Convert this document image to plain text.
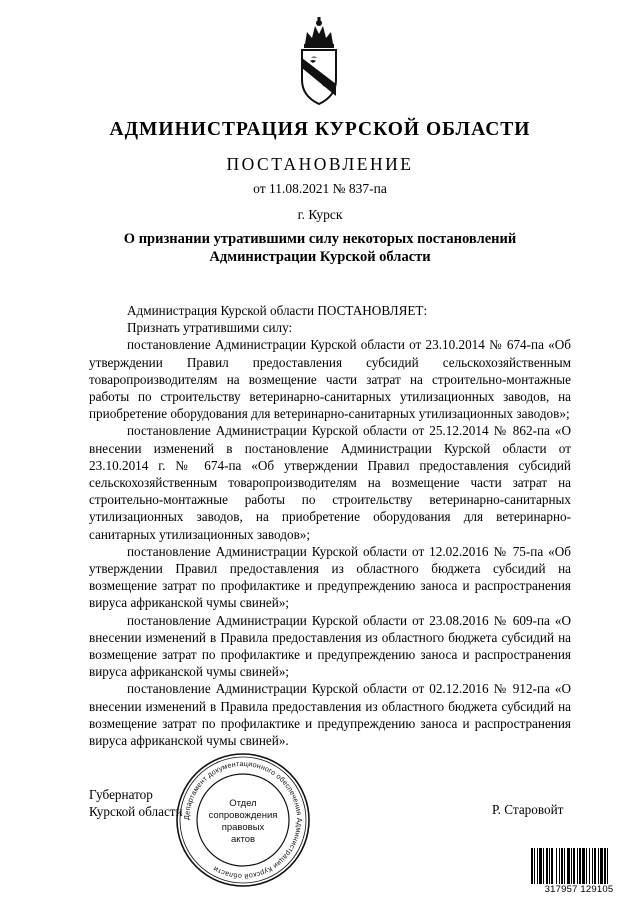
АДМИНИСТРАЦИЯ КУРСКОЙ ОБЛАСТИ
ПОСТАНОВЛЕНИЕ
от 11.08.2021 № 837-па
г. Курск
О признании утратившими силу некоторых постановлений
Администрации Курской области

Администрация Курской области ПОСТАНОВЛЯЕТ:

Признать утратившими силу:

постановление Администрации Курской области от 23.10.2014 № 674-па «Об утверждении Правил предоставления субсидий сельскохозяйственным товаропроизводителям на возмещение части затрат на строительно-монтажные работы по строительству ветеринарно-санитарных утилизационных заводов, на приобретение оборудования для ветеринарно-санитарных утилизационных заводов»;

постановление Администрации Курской области от 25.12.2014 № 862-па «О внесении изменений в постановление Администрации Курской области от 23.10.2014 г. № 674-па «Об утверждении Правил предоставления субсидий сельскохозяйственным товаропроизводителям на возмещение части затрат на строительно-монтажные работы по строительству ветеринарно-санитарных утилизационных заводов, на приобретение оборудования для ветеринарно-санитарных утилизационных заводов»;

постановление Администрации Курской области от 12.02.2016 № 75-па «Об утверждении Правил предоставления из областного бюджета субсидий на возмещение затрат по профилактике и предупреждению заноса и распространения вируса африканской чумы свиней»;

постановление Администрации Курской области от 23.08.2016 № 609-па «О внесении изменений в Правила предоставления из областного бюджета субсидий на возмещение затрат по профилактике и предупреждению заноса и распространения вируса африканской чумы свиней»;

постановление Администрации Курской области от 02.12.2016 № 912-па «О внесении изменений в Правила предоставления из областного бюджета субсидий на возмещение затрат по профилактике и предупреждению заноса и распространения вируса африканской чумы свиней».

Губернатор
Курской области	Р. Старовойт
Департамент документационного обеспечения Администрации Курской области
Отдел
сопровождения
правовых
актов
317957 129105
